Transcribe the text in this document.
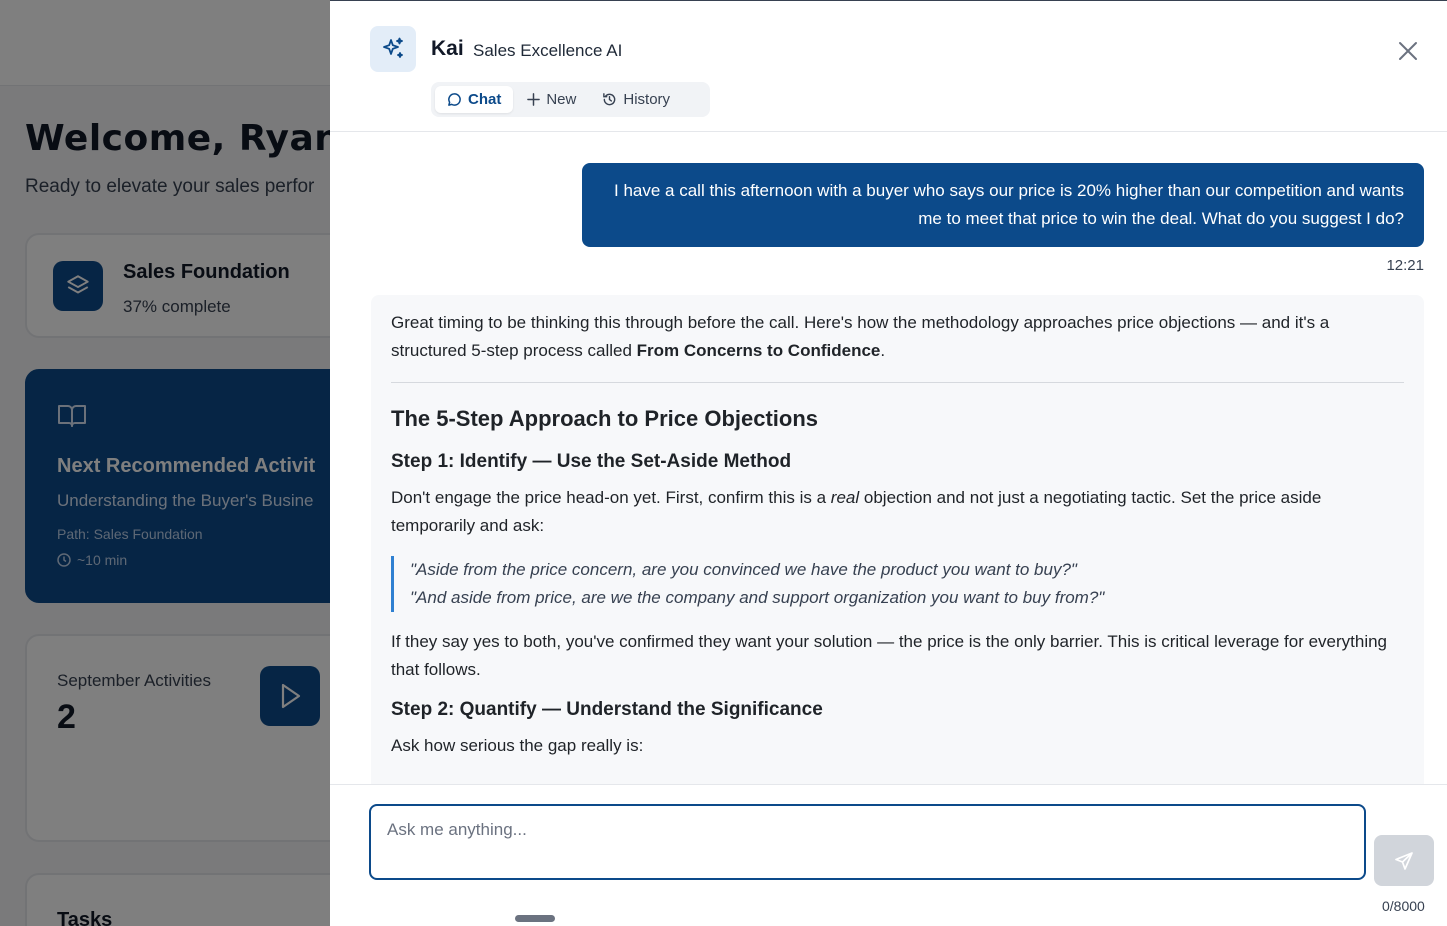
Kai Sales Excellence AI
Chat	New	History
I have a call this afternoon with a buyer who says our price is 20% higher than our competition and wants me to meet that price to win the deal. What do you suggest I do?
12:21

Great timing to be thinking this through before the call. Here's how the methodology approaches price objections — and it's a structured 5-step process called From Concerns to Confidence.

The 5-Step Approach to Price Objections
Step 1: Identify — Use the Set-Aside Method

Don't engage the price head-on yet. First, confirm this is a real objection and not just a negotiating tactic. Set the price aside temporarily and ask:

"Aside from the price concern, are you convinced we have the product you want to buy?"
"And aside from price, are we the company and support organization you want to buy from?"

If they say yes to both, you've confirmed they want your solution — the price is the only barrier. This is critical leverage for everything that follows.

Step 2: Quantify — Understand the Significance

Ask how serious the gap really is:

Ask me anything...
0/8000
